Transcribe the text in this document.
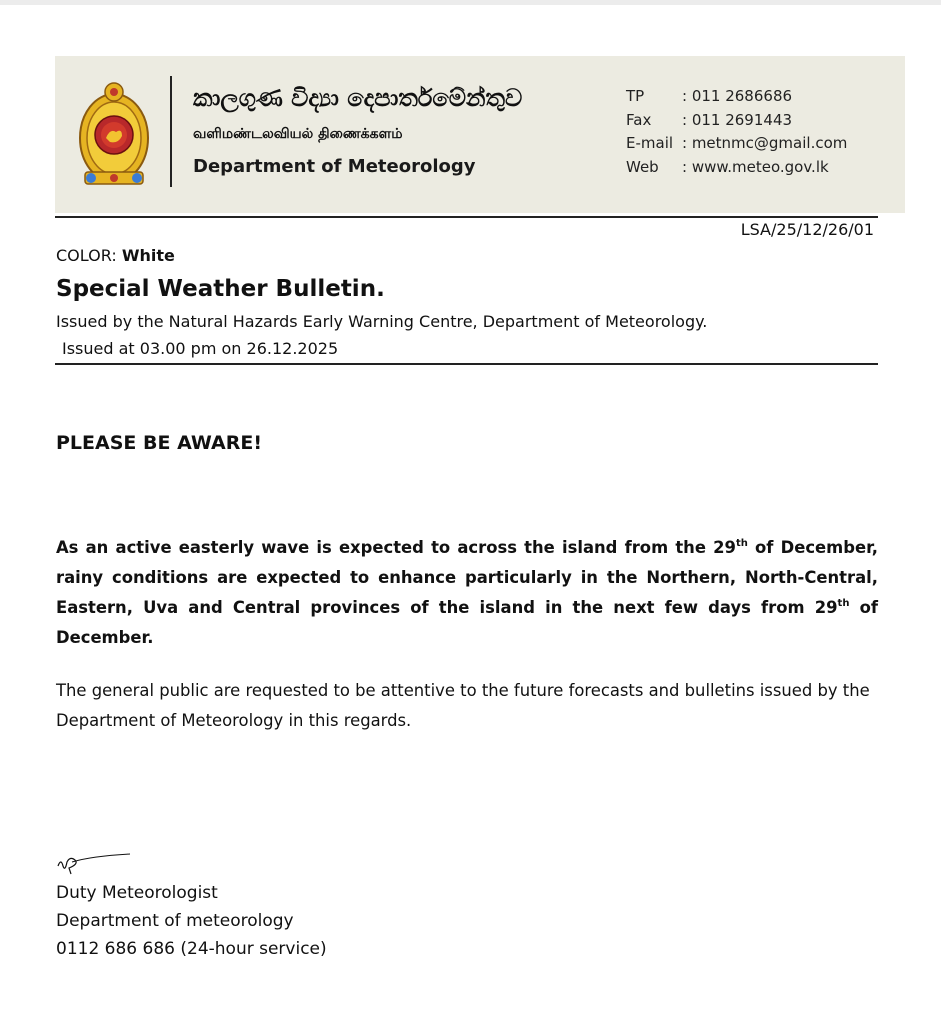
කාලගුණ විද්‍යා දෙපාර්තමේන්තුව
வளிமண்டலவியல் திணைக்களம்
Department of Meteorology
TP	: 011 2686686
Fax	: 011 2691443
E-mail : metnmc@gmail.com
Web	: www.meteo.gov.lk
LSA/25/12/26/01
COLOR: White
Special Weather Bulletin.
Issued by the Natural Hazards Early Warning Centre, Department of Meteorology.
Issued at 03.00 pm on 26.12.2025
PLEASE BE AWARE!
As an active easterly wave is expected to across the island from the 29th of December, rainy conditions are expected to enhance particularly in the Northern, North-Central, Eastern, Uva and Central provinces of the island in the next few days from 29th of December.
The general public are requested to be attentive to the future forecasts and bulletins issued by the Department of Meteorology in this regards.
Duty Meteorologist
Department of meteorology
0112 686 686 (24-hour service)
